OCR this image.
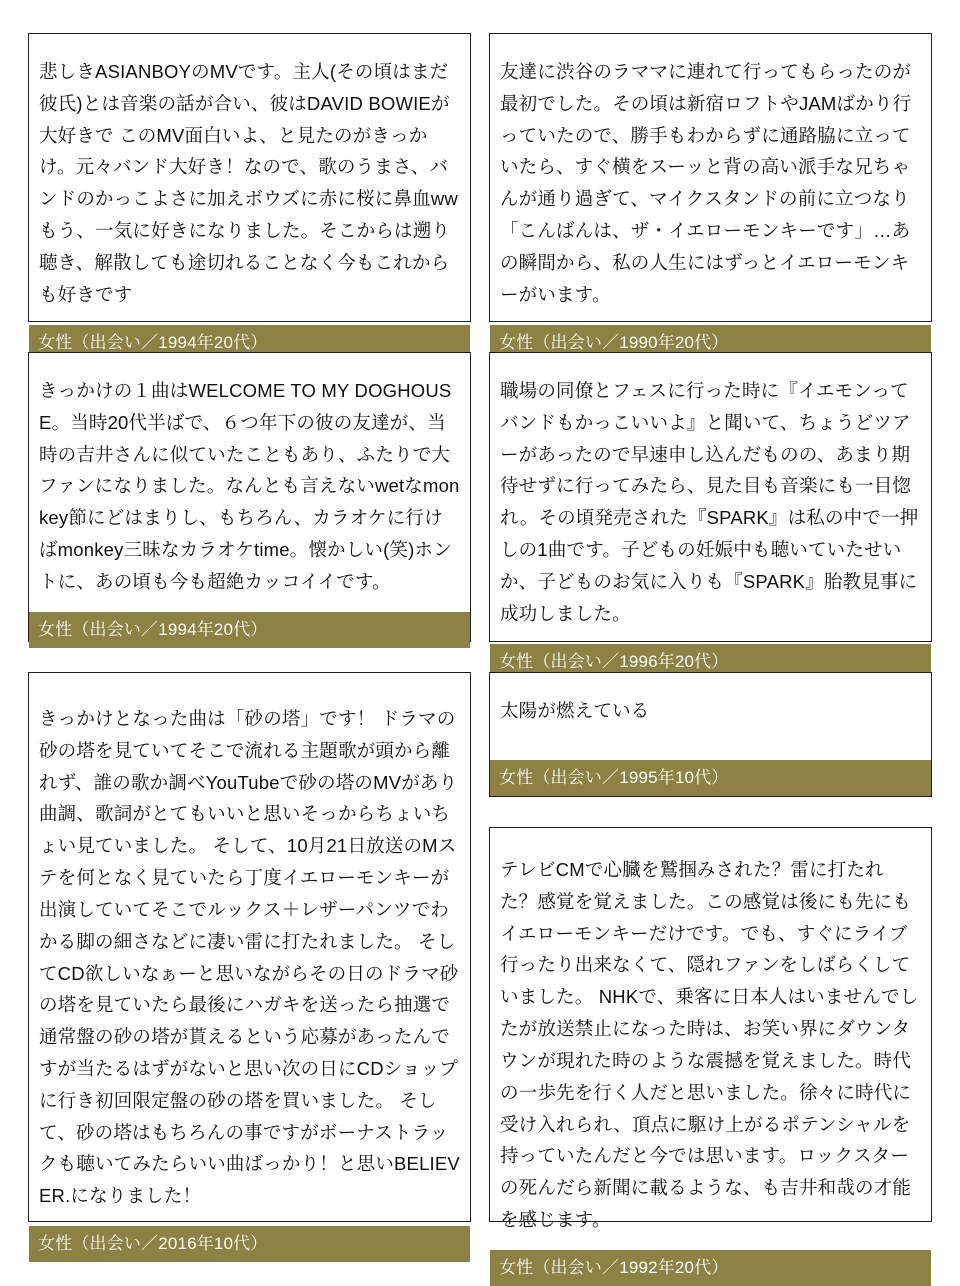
悲しきASIANBOYのMVです。主人(その頃はまだ彼氏)とは音楽の話が合い、彼はDAVID BOWIEが大好きで このMV面白いよ、と見たのがきっかけ。元々バンド大好き！なので、歌のうまさ、バンドのかっこよさに加えボウズに赤に桜に鼻血wwもう、一気に好きになりました。そこからは遡り聴き、解散しても途切れることなく今もこれからも好きです
女性（出会い／1994年20代）
きっかけの１曲はWELCOME TO MY DOGHOUSE。当時20代半ばで、６つ年下の彼の友達が、当時の吉井さんに似ていたこともあり、ふたりで大ファンになりました。なんとも言えないwetなmonkey節にどはまりし、もちろん、カラオケに行けばmonkey三昧なカラオケtime。懐かしい(笑)ホントに、あの頃も今も超絶カッコイイです。
女性（出会い／1994年20代）
きっかけとなった曲は「砂の塔」です！ ドラマの砂の塔を見ていてそこで流れる主題歌が頭から離れず、誰の歌か調べYouTubeで砂の塔のMVがあり曲調、歌詞がとてもいいと思いそっからちょいちょい見ていました。 そして、10月21日放送のMステを何となく見ていたら丁度イエローモンキーが出演していてそこでルックス＋レザーパンツでわかる脚の細さなどに凄い雷に打たれました。 そしてCD欲しいなぁーと思いながらその日のドラマ砂の塔を見ていたら最後にハガキを送ったら抽選で通常盤の砂の塔が貰えるという応募があったんですが当たるはずがないと思い次の日にCDショップに行き初回限定盤の砂の塔を買いました。 そして、砂の塔はもちろんの事ですがボーナストラックも聴いてみたらいい曲ばっかり！と思いBELIEVER.になりました！
女性（出会い／2016年10代）
友達に渋谷のラママに連れて行ってもらったのが最初でした。その頃は新宿ロフトやJAMばかり行っていたので、勝手もわからずに通路脇に立っていたら、すぐ横をスーッと背の高い派手な兄ちゃんが通り過ぎて、マイクスタンドの前に立つなり「こんばんは、ザ・イエローモンキーです」…あの瞬間から、私の人生にはずっとイエローモンキーがいます。
女性（出会い／1990年20代）
職場の同僚とフェスに行った時に『イエモンってバンドもかっこいいよ』と聞いて、ちょうどツアーがあったので早速申し込んだものの、あまり期待せずに行ってみたら、見た目も音楽にも一目惚れ。その頃発売された『SPARK』は私の中で一押しの1曲です。子どもの妊娠中も聴いていたせいか、子どものお気に入りも『SPARK』胎教見事に成功しました。
女性（出会い／1996年20代）
太陽が燃えている
女性（出会い／1995年10代）
テレビCMで心臓を鷲掴みされた？雷に打たれた？感覚を覚えました。この感覚は後にも先にもイエローモンキーだけです。でも、すぐにライブ行ったり出来なくて、隠れファンをしばらくしていました。 NHKで、乗客に日本人はいませんでしたが放送禁止になった時は、お笑い界にダウンタウンが現れた時のような震撼を覚えました。時代の一歩先を行く人だと思いました。徐々に時代に受け入れられ、頂点に駆け上がるポテンシャルを持っていたんだと今では思います。ロックスターの死んだら新聞に載るような、も吉井和哉の才能を感じます。
女性（出会い／1992年20代）
